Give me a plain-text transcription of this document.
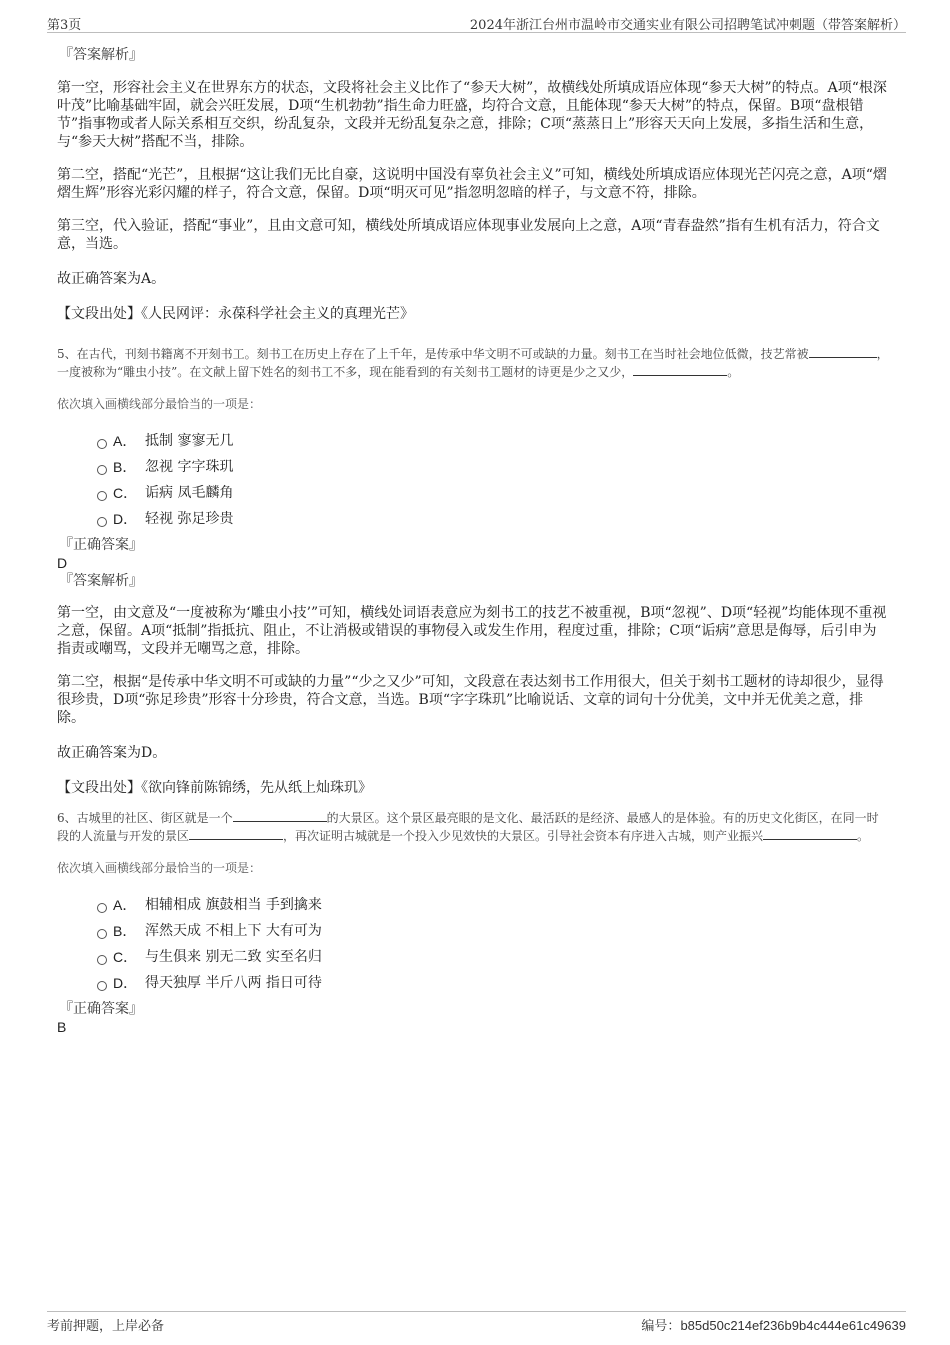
第3页	2024年浙江台州市温岭市交通实业有限公司招聘笔试冲刺题（带答案解析）
『答案解析』

第一空，形容社会主义在世界东方的状态，文段将社会主义比作了“参天大树”，故横线处所填成语应体现“参天大树”的特点。A项“根深叶茂”比喻基础牢固，就会兴旺发展，D项“生机勃勃”指生命力旺盛，均符合文意，且能体现“参天大树”的特点，保留。B项“盘根错节”指事物或者人际关系相互交织，纷乱复杂，文段并无纷乱复杂之意，排除；C项“蒸蒸日上”形容天天向上发展，多指生活和生意，与“参天大树”搭配不当，排除。

第二空，搭配“光芒”，且根据“这让我们无比自豪，这说明中国没有辜负社会主义”可知，横线处所填成语应体现光芒闪亮之意，A项“熠熠生辉”形容光彩闪耀的样子，符合文意，保留。D项“明灭可见”指忽明忽暗的样子，与文意不符，排除。

第三空，代入验证，搭配“事业”，且由文意可知，横线处所填成语应体现事业发展向上之意，A项“青春盎然”指有生机有活力，符合文意，当选。

故正确答案为A。

【文段出处】《人民网评：永葆科学社会主义的真理光芒》

5、在古代，刊刻书籍离不开刻书工。刻书工在历史上存在了上千年，是传承中华文明不可或缺的力量。刻书工在当时社会地位低微，技艺常被	，一度被称为“雕虫小技”。在文献上留下姓名的刻书工不多，现在能看到的有关刻书工题材的诗更是少之又少，	。

依次填入画横线部分最恰当的一项是：
A． 抵制 寥寥无几
B． 忽视 字字珠玑
C． 诟病 凤毛麟角
D． 轻视 弥足珍贵
『正确答案』
D
『答案解析』

第一空，由文意及“一度被称为‘雕虫小技’”可知，横线处词语表意应为刻书工的技艺不被重视，B项“忽视”、D项“轻视”均能体现不重视之意，保留。A项“抵制”指抵抗、阻止，不让消极或错误的事物侵入或发生作用，程度过重，排除；C项“诟病”意思是侮辱，后引申为指责或嘲骂，文段并无嘲骂之意，排除。

第二空，根据“是传承中华文明不可或缺的力量”“少之又少”可知，文段意在表达刻书工作用很大，但关于刻书工题材的诗却很少，显得很珍贵，D项“弥足珍贵”形容十分珍贵，符合文意，当选。B项“字字珠玑”比喻说话、文章的词句十分优美，文中并无优美之意，排除。

故正确答案为D。

【文段出处】《欲向锋前陈锦绣，先从纸上灿珠玑》

6、古城里的社区、街区就是一个	的大景区。这个景区最亮眼的是文化、最活跃的是经济、最感人的是体验。有的历史文化街区，在同一时段的人流量与开发的景区	，再次证明古城就是一个投入少见效快的大景区。引导社会资本有序进入古城，则产业振兴	。

依次填入画横线部分最恰当的一项是：
A． 相辅相成 旗鼓相当 手到擒来
B． 浑然天成 不相上下 大有可为
C． 与生俱来 别无二致 实至名归
D． 得天独厚 半斤八两 指日可待
『正确答案』
B
考前押题，上岸必备	编号：b85d50c214ef236b9b4c444e61c49639
